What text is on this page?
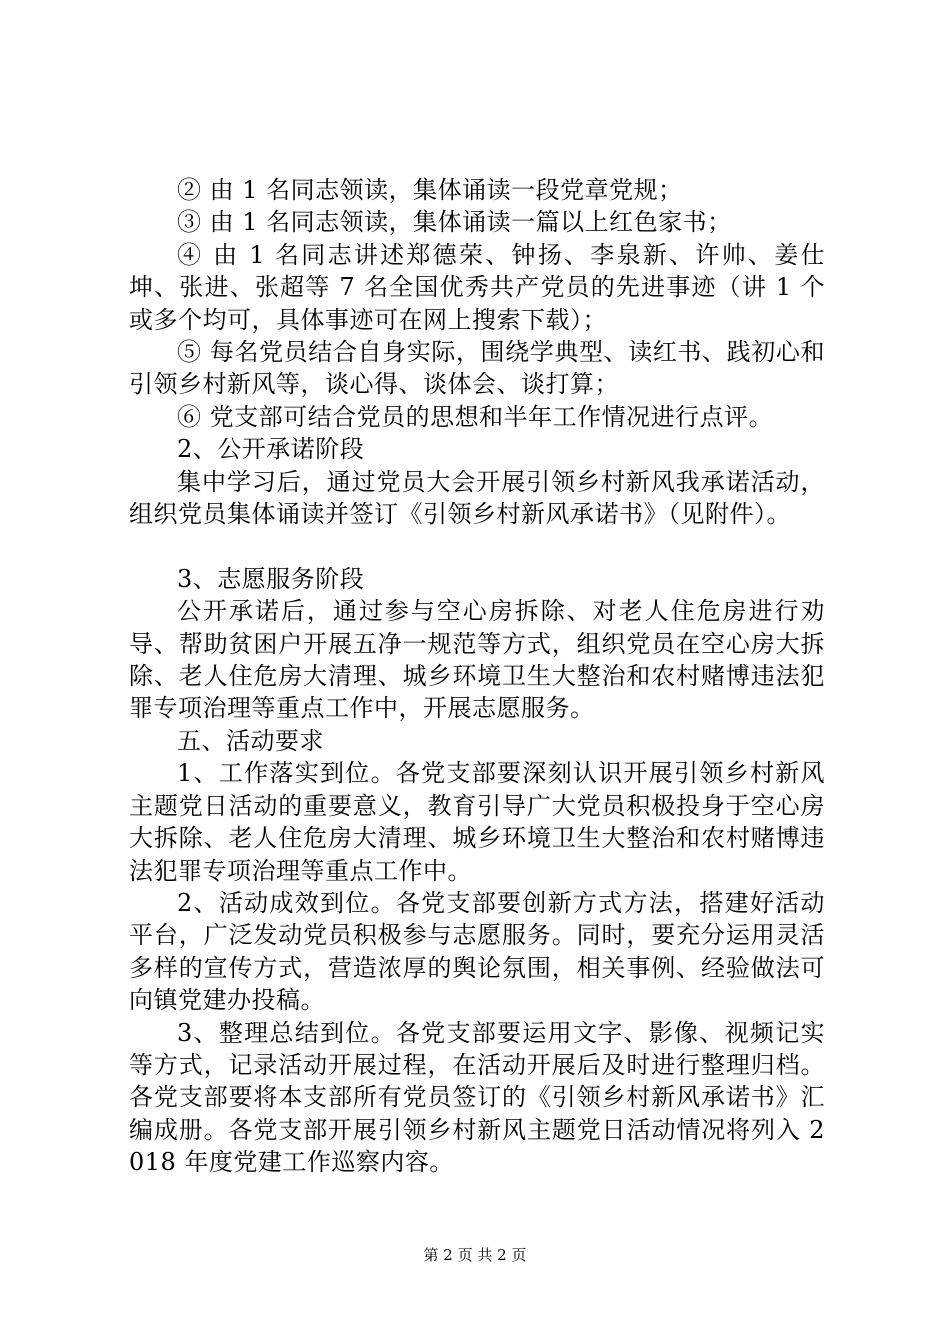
② 由 1 名同志领读，集体诵读一段党章党规；

③ 由 1 名同志领读，集体诵读一篇以上红色家书；

④ 由 1 名同志讲述郑德荣、钟扬、李泉新、许帅、姜仕坤、张进、张超等 7 名全国优秀共产党员的先进事迹（讲 1 个或多个均可，具体事迹可在网上搜索下载）；

⑤ 每名党员结合自身实际，围绕学典型、读红书、践初心和引领乡村新风等，谈心得、谈体会、谈打算；

⑥ 党支部可结合党员的思想和半年工作情况进行点评。

2、公开承诺阶段

集中学习后，通过党员大会开展引领乡村新风我承诺活动，组织党员集体诵读并签订《引领乡村新风承诺书》（见附件）。

3、志愿服务阶段

公开承诺后，通过参与空心房拆除、对老人住危房进行劝导、帮助贫困户开展五净一规范等方式，组织党员在空心房大拆除、老人住危房大清理、城乡环境卫生大整治和农村赌博违法犯罪专项治理等重点工作中，开展志愿服务。

五、活动要求

1、工作落实到位。各党支部要深刻认识开展引领乡村新风主题党日活动的重要意义，教育引导广大党员积极投身于空心房大拆除、老人住危房大清理、城乡环境卫生大整治和农村赌博违法犯罪专项治理等重点工作中。

2、活动成效到位。各党支部要创新方式方法，搭建好活动平台，广泛发动党员积极参与志愿服务。同时，要充分运用灵活多样的宣传方式，营造浓厚的舆论氛围，相关事例、经验做法可向镇党建办投稿。

3、整理总结到位。各党支部要运用文字、影像、视频记实等方式，记录活动开展过程，在活动开展后及时进行整理归档。各党支部要将本支部所有党员签订的《引领乡村新风承诺书》汇编成册。各党支部开展引领乡村新风主题党日活动情况将列入 2018 年度党建工作巡察内容。

第 2 页 共 2 页
